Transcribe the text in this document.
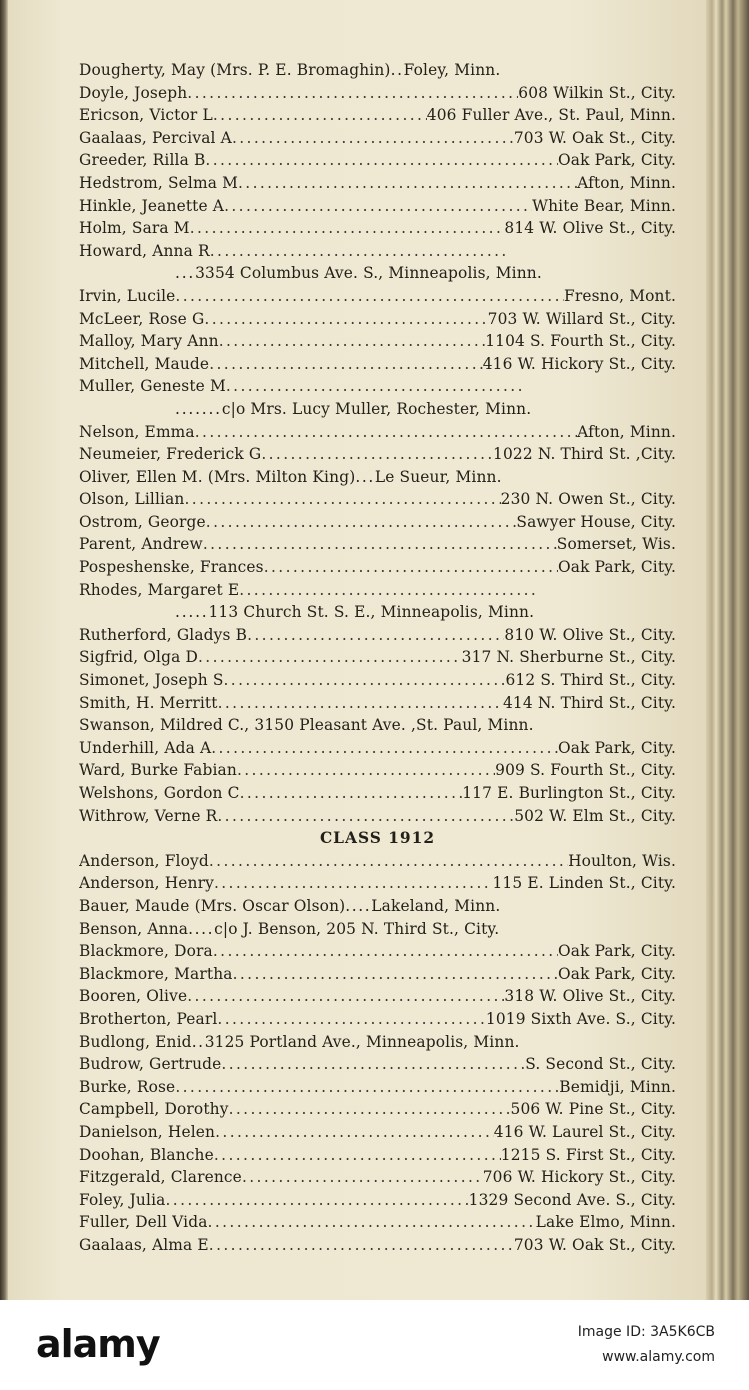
Dougherty, May (Mrs. P. E. Bromaghin) .. Foley, Minn.
Doyle, Joseph .....	608 Wilkin St., City.
Ericson, Victor L .....	406 Fuller Ave., St. Paul, Minn.
Gaalaas, Percival A .....	703 W. Oak St., City.
Greeder, Rilla B .....	Oak Park, City.
Hedstrom, Selma M .....	Afton, Minn.
Hinkle, Jeanette A .....	White Bear, Minn.
Holm, Sara M .....	814 W. Olive St., City.
Howard, Anna R
.....
... 3354 Columbus Ave. S., Minneapolis, Minn.
Irvin, Lucile .....	Fresno, Mont.
McLeer, Rose G .....	703 W. Willard St., City.
Malloy, Mary Ann .....	1104 S. Fourth St., City.
Mitchell, Maude .....	416 W. Hickory St., City.
Muller, Geneste M
.....
....... c|o Mrs. Lucy Muller, Rochester, Minn.
Nelson, Emma .....	Afton, Minn.
Neumeier, Frederick G .....	1022 N. Third St. ,City.
Oliver, Ellen M. (Mrs. Milton King) ... Le Sueur, Minn.
Olson, Lillian .....	230 N. Owen St., City.
Ostrom, George .....	Sawyer House, City.
Parent, Andrew .....	Somerset, Wis.
Pospeshenske, Frances .....	Oak Park, City.
Rhodes, Margaret E
.....
..... 113 Church St. S. E., Minneapolis, Minn.
Rutherford, Gladys B .....	810 W. Olive St., City.
Sigfrid, Olga D .....	317 N. Sherburne St., City.
Simonet, Joseph S .....	612 S. Third St., City.
Smith, H. Merritt .....	414 N. Third St., City.
Swanson, Mildred C., 3150 Pleasant Ave. ,St. Paul, Minn.
Underhill, Ada A .....	Oak Park, City.
Ward, Burke Fabian .....	909 S. Fourth St., City.
Welshons, Gordon C .....	117 E. Burlington St., City.
Withrow, Verne R .....	502 W. Elm St., City.
CLASS 1912
Anderson, Floyd .....	Houlton, Wis.
Anderson, Henry .....	115 E. Linden St., City.
Bauer, Maude (Mrs. Oscar Olson) .... Lakeland, Minn.
Benson, Anna .... c|o J. Benson, 205 N. Third St., City.
Blackmore, Dora .....	Oak Park, City.
Blackmore, Martha .....	Oak Park, City.
Booren, Olive .....	318 W. Olive St., City.
Brotherton, Pearl .....	1019 Sixth Ave. S., City.
Budlong, Enid .. 3125 Portland Ave., Minneapolis, Minn.
Budrow, Gertrude .....	S. Second St., City.
Burke, Rose .....	Bemidji, Minn.
Campbell, Dorothy .....	506 W. Pine St., City.
Danielson, Helen .....	416 W. Laurel St., City.
Doohan, Blanche .....	1215 S. First St., City.
Fitzgerald, Clarence .....	706 W. Hickory St., City.
Foley, Julia .....	1329 Second Ave. S., City.
Fuller, Dell Vida .....	Lake Elmo, Minn.
Gaalaas, Alma E .....	703 W. Oak St., City.
alamy	Image ID: 3A5K6CB
www.alamy.com
